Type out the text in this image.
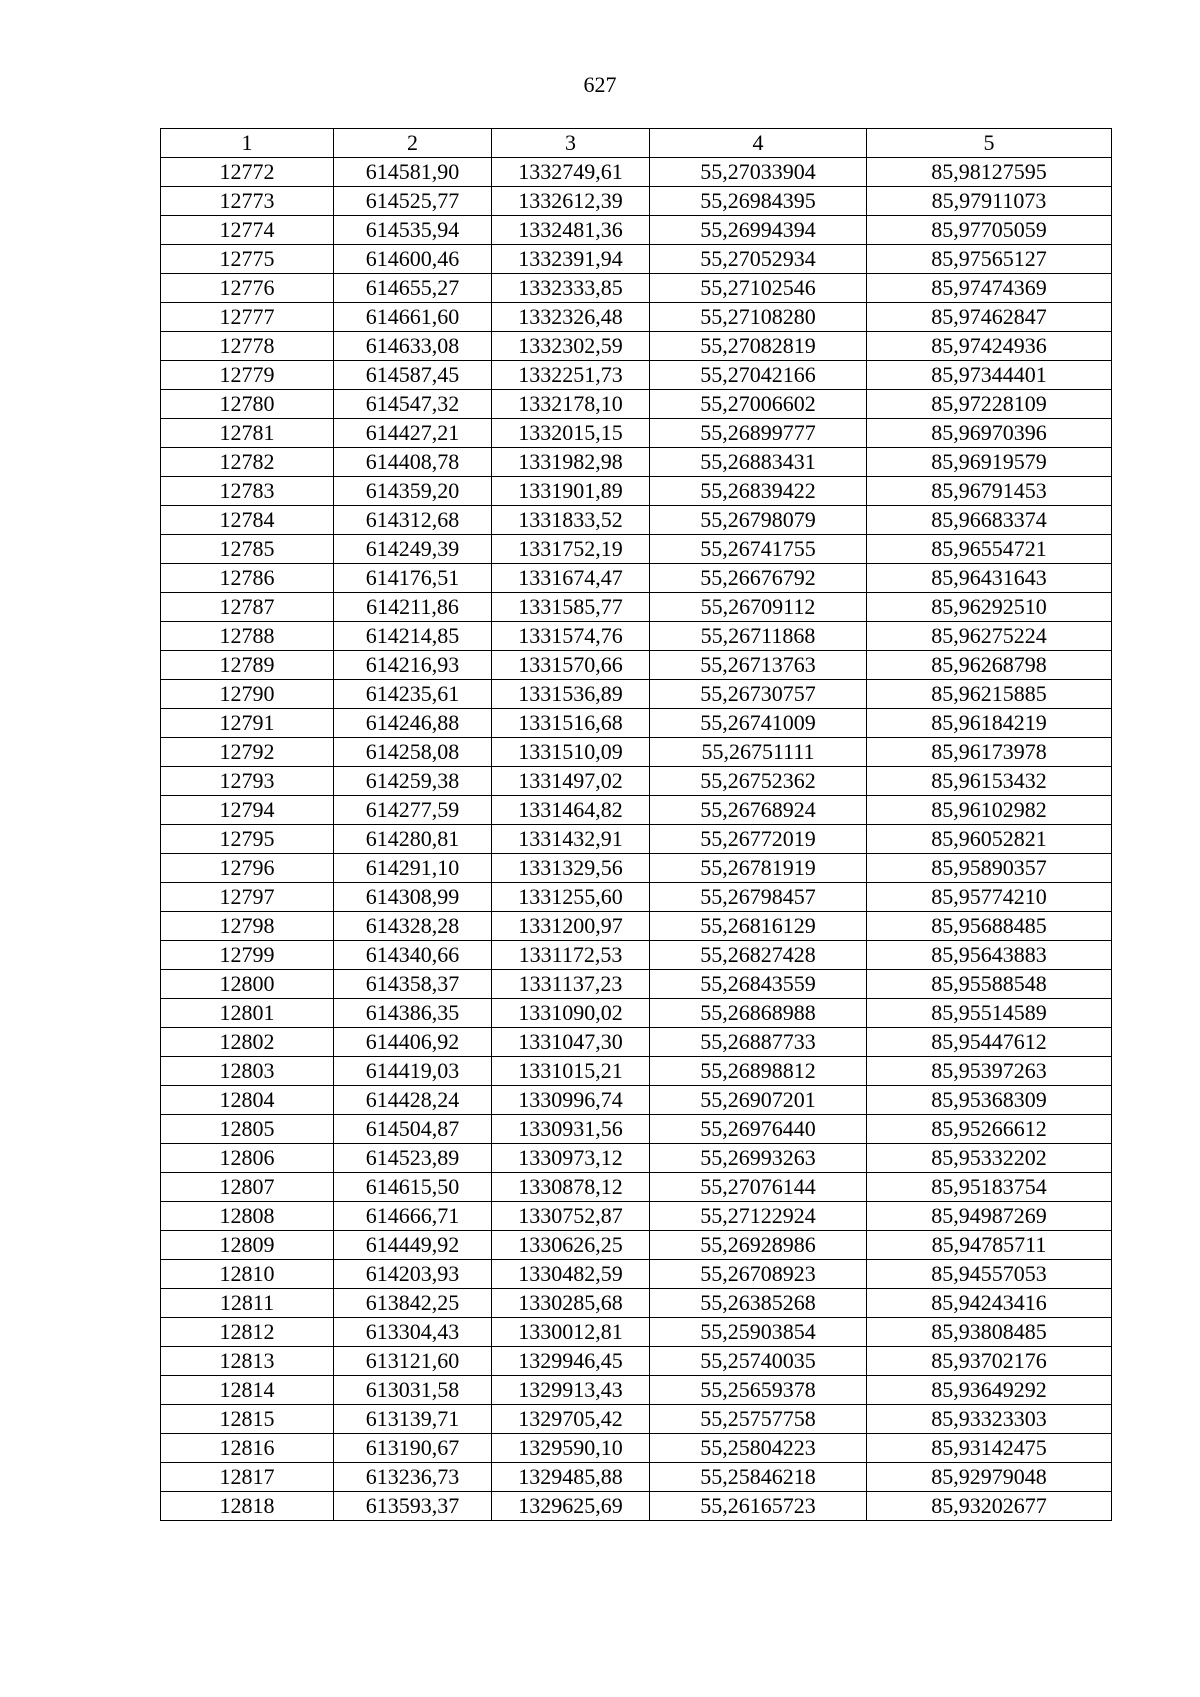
627
1	2	3	4	5
12772	614581,90	1332749,61	55,27033904	85,98127595
12773	614525,77	1332612,39	55,26984395	85,97911073
12774	614535,94	1332481,36	55,26994394	85,97705059
12775	614600,46	1332391,94	55,27052934	85,97565127
12776	614655,27	1332333,85	55,27102546	85,97474369
12777	614661,60	1332326,48	55,27108280	85,97462847
12778	614633,08	1332302,59	55,27082819	85,97424936
12779	614587,45	1332251,73	55,27042166	85,97344401
12780	614547,32	1332178,10	55,27006602	85,97228109
12781	614427,21	1332015,15	55,26899777	85,96970396
12782	614408,78	1331982,98	55,26883431	85,96919579
12783	614359,20	1331901,89	55,26839422	85,96791453
12784	614312,68	1331833,52	55,26798079	85,96683374
12785	614249,39	1331752,19	55,26741755	85,96554721
12786	614176,51	1331674,47	55,26676792	85,96431643
12787	614211,86	1331585,77	55,26709112	85,96292510
12788	614214,85	1331574,76	55,26711868	85,96275224
12789	614216,93	1331570,66	55,26713763	85,96268798
12790	614235,61	1331536,89	55,26730757	85,96215885
12791	614246,88	1331516,68	55,26741009	85,96184219
12792	614258,08	1331510,09	55,26751111	85,96173978
12793	614259,38	1331497,02	55,26752362	85,96153432
12794	614277,59	1331464,82	55,26768924	85,96102982
12795	614280,81	1331432,91	55,26772019	85,96052821
12796	614291,10	1331329,56	55,26781919	85,95890357
12797	614308,99	1331255,60	55,26798457	85,95774210
12798	614328,28	1331200,97	55,26816129	85,95688485
12799	614340,66	1331172,53	55,26827428	85,95643883
12800	614358,37	1331137,23	55,26843559	85,95588548
12801	614386,35	1331090,02	55,26868988	85,95514589
12802	614406,92	1331047,30	55,26887733	85,95447612
12803	614419,03	1331015,21	55,26898812	85,95397263
12804	614428,24	1330996,74	55,26907201	85,95368309
12805	614504,87	1330931,56	55,26976440	85,95266612
12806	614523,89	1330973,12	55,26993263	85,95332202
12807	614615,50	1330878,12	55,27076144	85,95183754
12808	614666,71	1330752,87	55,27122924	85,94987269
12809	614449,92	1330626,25	55,26928986	85,94785711
12810	614203,93	1330482,59	55,26708923	85,94557053
12811	613842,25	1330285,68	55,26385268	85,94243416
12812	613304,43	1330012,81	55,25903854	85,93808485
12813	613121,60	1329946,45	55,25740035	85,93702176
12814	613031,58	1329913,43	55,25659378	85,93649292
12815	613139,71	1329705,42	55,25757758	85,93323303
12816	613190,67	1329590,10	55,25804223	85,93142475
12817	613236,73	1329485,88	55,25846218	85,92979048
12818	613593,37	1329625,69	55,26165723	85,93202677
